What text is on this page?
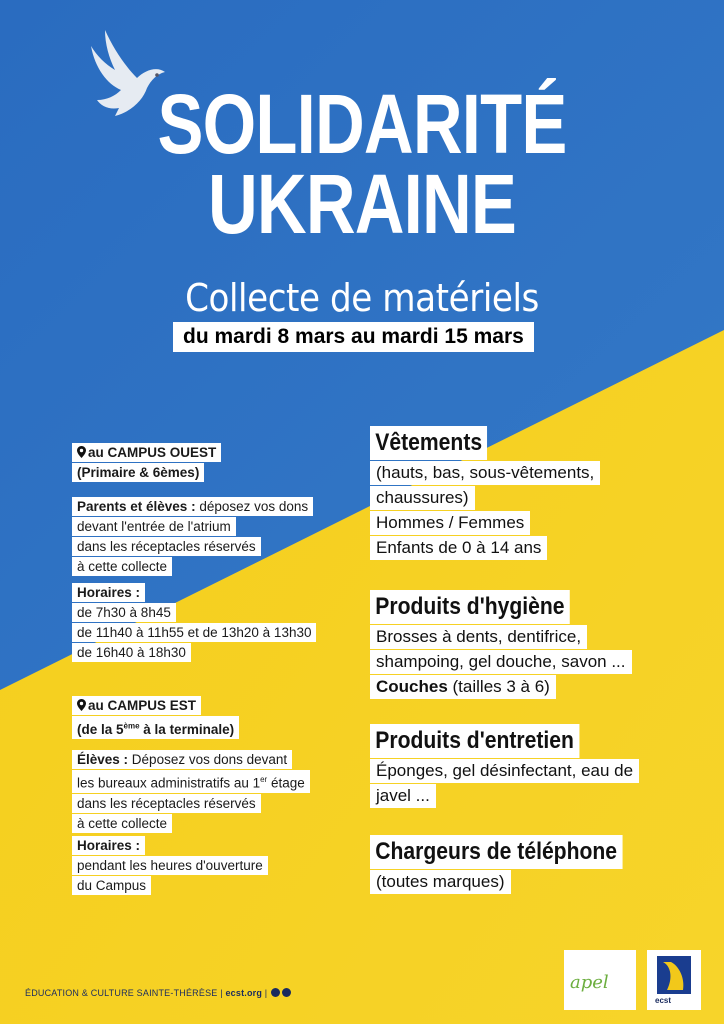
SOLIDARITÉ
UKRAINE
Collecte de matériels
du mardi 8 mars au mardi 15 mars
au CAMPUS OUEST
(Primaire & 6èmes)
Parents et élèves : déposez vos dons
devant l'entrée de l'atrium
dans les réceptacles réservés
à cette collecte
Horaires :
de 7h30 à 8h45
de 11h40 à 11h55 et de 13h20 à 13h30
de 16h40 à 18h30
au CAMPUS EST
(de la 5ème à la terminale)
Élèves : Déposez vos dons devant
les bureaux administratifs au 1er étage
dans les réceptacles réservés
à cette collecte
Horaires :
pendant les heures d'ouverture
du Campus
Vêtements
(hauts, bas, sous-vêtements,
chaussures)
Hommes / Femmes
Enfants de 0 à 14 ans
Produits d'hygiène
Brosses à dents, dentifrice,
shampoing, gel douche, savon ...
Couches (tailles 3 à 6)
Produits d'entretien
Éponges, gel désinfectant, eau de
javel ...
Chargeurs de téléphone
(toutes marques)
ÉDUCATION & CULTURE SAINTE-THÉRÈSE | ecst.org |	apel
ecst
